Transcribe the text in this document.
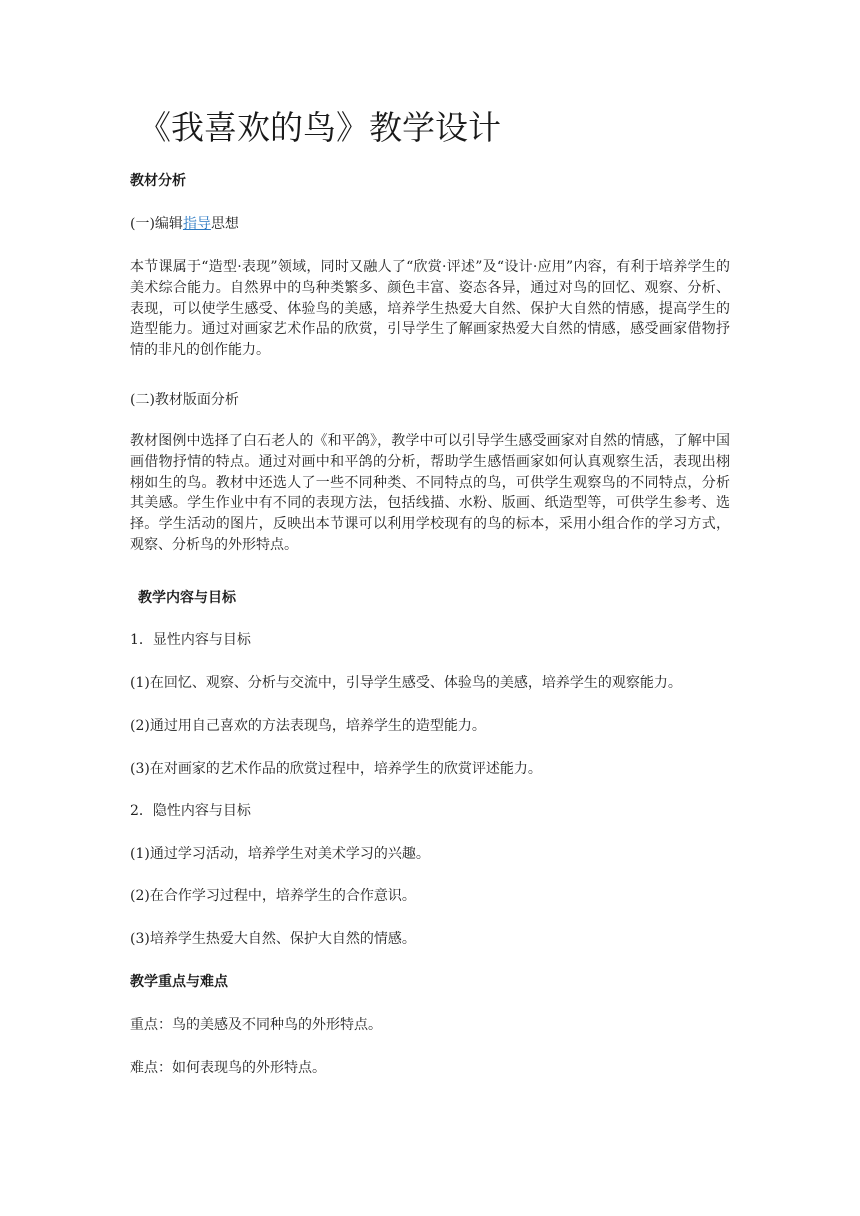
《我喜欢的鸟》教学设计
教材分析
(一)编辑指导思想

本节课属于“造型·表现”领域，同时又融人了“欣赏·评述”及“设计·应用”内容，有利于培养学生的美术综合能力。自然界中的鸟种类繁多、颜色丰富、姿态各异，通过对鸟的回忆、观察、分析、表现，可以使学生感受、体验鸟的美感，培养学生热爱大自然、保护大自然的情感，提高学生的造型能力。通过对画家艺术作品的欣赏，引导学生了解画家热爱大自然的情感，感受画家借物抒情的非凡的创作能力。

(二)教材版面分析

教材图例中选择了白石老人的《和平鸽》，教学中可以引导学生感受画家对自然的情感，了解中国画借物抒情的特点。通过对画中和平鸽的分析，帮助学生感悟画家如何认真观察生活，表现出栩栩如生的鸟。教材中还选人了一些不同种类、不同特点的鸟，可供学生观察鸟的不同特点，分析其美感。学生作业中有不同的表现方法，包括线描、水粉、版画、纸造型等，可供学生参考、选择。学生活动的图片，反映出本节课可以利用学校现有的鸟的标本，采用小组合作的学习方式，观察、分析鸟的外形特点。

教学内容与目标
1．显性内容与目标
(1)在回忆、观察、分析与交流中，引导学生感受、体验鸟的美感，培养学生的观察能力。
(2)通过用自己喜欢的方法表现鸟，培养学生的造型能力。
(3)在对画家的艺术作品的欣赏过程中，培养学生的欣赏评述能力。
2．隐性内容与目标
(1)通过学习活动，培养学生对美术学习的兴趣。
(2)在合作学习过程中，培养学生的合作意识。
(3)培养学生热爱大自然、保护大自然的情感。
教学重点与难点
重点：鸟的美感及不同种鸟的外形特点。
难点：如何表现鸟的外形特点。
